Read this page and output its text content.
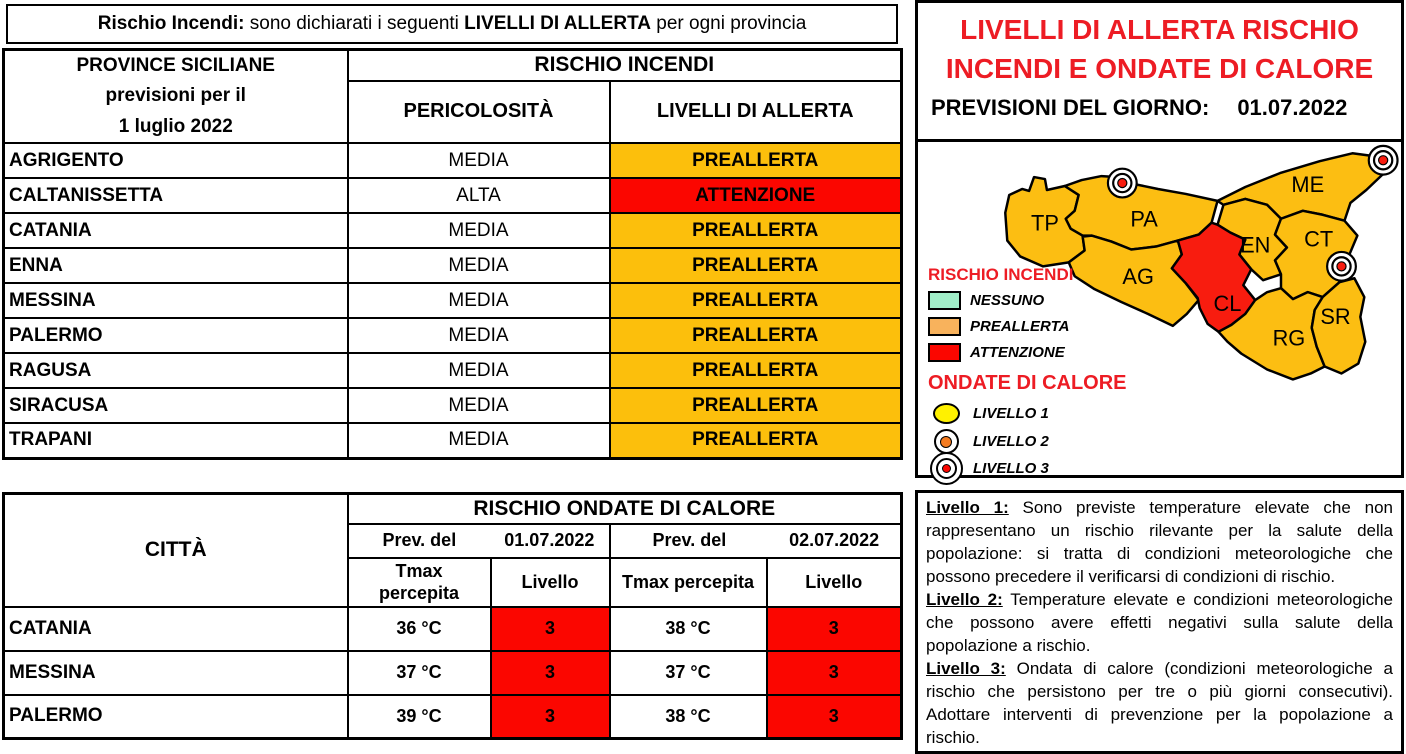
Rischio Incendi: sono dichiarati i seguenti LIVELLI DI ALLERTA per ogni provincia
PROVINCE SICILIANE
previsioni per il
1 luglio 2022	RISCHIO INCENDI	
	PERICOLOSITÀ	LIVELLI DI ALLERTA
AGRIGENTO	MEDIA	PREALLERTA
CALTANISSETTA	ALTA	ATTENZIONE
CATANIA	MEDIA	PREALLERTA
ENNA	MEDIA	PREALLERTA
MESSINA	MEDIA	PREALLERTA
PALERMO	MEDIA	PREALLERTA
RAGUSA	MEDIA	PREALLERTA
SIRACUSA	MEDIA	PREALLERTA
TRAPANI	MEDIA	PREALLERTA
CITTÀ	RISCHIO ONDATE DI CALORE			

	Prev. del 01.07.2022		Prev. del 02.07.2022	

	Tmax percepita	Livello	Tmax percepita	Livello
CATANIA	36 °C	3	38 °C	3
MESSINA	37 °C	3	37 °C	3
PALERMO	39 °C	3	38 °C	3
LIVELLI DI ALLERTA RISCHIO
INCENDI E ONDATE DI CALORE
PREVISIONI DEL GIORNO: 01.07.2022
TP	PA
ME
EN CT
AG
CL
RG
SR
RISCHIO INCENDI
NESSUNO
PREALLERTA
ATTENZIONE
ONDATE DI CALORE
LIVELLO 1
LIVELLO 2
LIVELLO 3

Livello 1: Sono previste temperature elevate che non rappresentano un rischio rilevante per la salute della popolazione: si tratta di condizioni meteorologiche che possono precedere il verificarsi di condizioni di rischio.

Livello 2: Temperature elevate e condizioni meteorologiche che possono avere effetti negativi sulla salute della popolazione a rischio.

Livello 3: Ondata di calore (condizioni meteorologiche a rischio che persistono per tre o più giorni consecutivi). Adottare interventi di prevenzione per la popolazione a rischio.
